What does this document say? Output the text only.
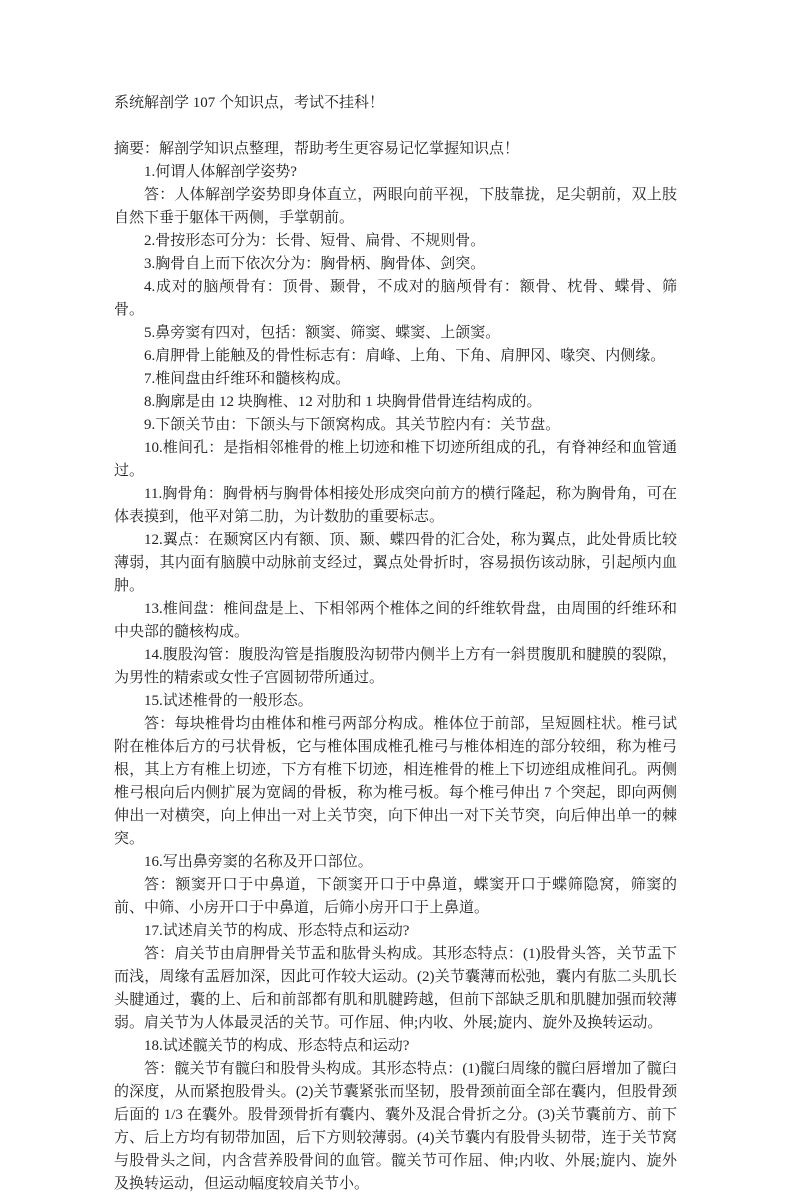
系统解剖学 107 个知识点，考试不挂科！

摘要：解剖学知识点整理，帮助考生更容易记忆掌握知识点！

1.何谓人体解剖学姿势?

答：人体解剖学姿势即身体直立，两眼向前平视，下肢靠拢，足尖朝前，双上肢自然下垂于躯体干两侧，手掌朝前。

2.骨按形态可分为：长骨、短骨、扁骨、不规则骨。

3.胸骨自上而下依次分为：胸骨柄、胸骨体、剑突。

4.成对的脑颅骨有：顶骨、颞骨，不成对的脑颅骨有：额骨、枕骨、蝶骨、筛骨。

5.鼻旁窦有四对，包括：额窦、筛窦、蝶窦、上颌窦。

6.肩胛骨上能触及的骨性标志有：肩峰、上角、下角、肩胛冈、喙突、内侧缘。

7.椎间盘由纤维环和髓核构成。

8.胸廓是由 12 块胸椎、12 对肋和 1 块胸骨借骨连结构成的。

9.下颌关节由：下颌头与下颌窝构成。其关节腔内有：关节盘。

10.椎间孔：是指相邻椎骨的椎上切迹和椎下切迹所组成的孔，有脊神经和血管通过。

11.胸骨角：胸骨柄与胸骨体相接处形成突向前方的横行隆起，称为胸骨角，可在体表摸到，他平对第二肋，为计数肋的重要标志。

12.翼点：在颞窝区内有额、顶、颞、蝶四骨的汇合处，称为翼点，此处骨质比较薄弱，其内面有脑膜中动脉前支经过，翼点处骨折时，容易损伤该动脉，引起颅内血肿。

13.椎间盘：椎间盘是上、下相邻两个椎体之间的纤维软骨盘，由周围的纤维环和中央部的髓核构成。

14.腹股沟管：腹股沟管是指腹股沟韧带内侧半上方有一斜贯腹肌和腱膜的裂隙，为男性的精索或女性子宫圆韧带所通过。

15.试述椎骨的一般形态。

答：每块椎骨均由椎体和椎弓两部分构成。椎体位于前部，呈短圆柱状。椎弓试附在椎体后方的弓状骨板，它与椎体围成椎孔椎弓与椎体相连的部分较细，称为椎弓根，其上方有椎上切迹，下方有椎下切迹，相连椎骨的椎上下切迹组成椎间孔。两侧椎弓根向后内侧扩展为宽阔的骨板，称为椎弓板。每个椎弓伸出 7 个突起，即向两侧伸出一对横突，向上伸出一对上关节突，向下伸出一对下关节突，向后伸出单一的棘突。

16.写出鼻旁窦的名称及开口部位。

答：额窦开口于中鼻道，下颌窦开口于中鼻道，蝶窦开口于蝶筛隐窝，筛窦的前、中筛、小房开口于中鼻道，后筛小房开口于上鼻道。

17.试述肩关节的构成、形态特点和运动?

答：肩关节由肩胛骨关节盂和肱骨头构成。其形态特点：(1)股骨头答，关节盂下而浅，周缘有盂唇加深，因此可作较大运动。(2)关节囊薄而松弛，囊内有肱二头肌长头腱通过，囊的上、后和前部都有肌和肌腱跨越，但前下部缺乏肌和肌腱加强而较薄弱。肩关节为人体最灵活的关节。可作屈、伸;内收、外展;旋内、旋外及换转运动。

18.试述髋关节的构成、形态特点和运动?

答：髋关节有髋臼和股骨头构成。其形态特点：(1)髋臼周缘的髋臼唇增加了髋臼的深度，从而紧抱股骨头。(2)关节囊紧张而坚韧，股骨颈前面全部在囊内，但股骨颈后面的 1/3 在囊外。股骨颈骨折有囊内、囊外及混合骨折之分。(3)关节囊前方、前下方、后上方均有韧带加固，后下方则较薄弱。(4)关节囊内有股骨头韧带，连于关节窝与股骨头之间，内含营养股骨间的血管。髋关节可作屈、伸;内收、外展;旋内、旋外及换转运动，但运动幅度较肩关节小。
